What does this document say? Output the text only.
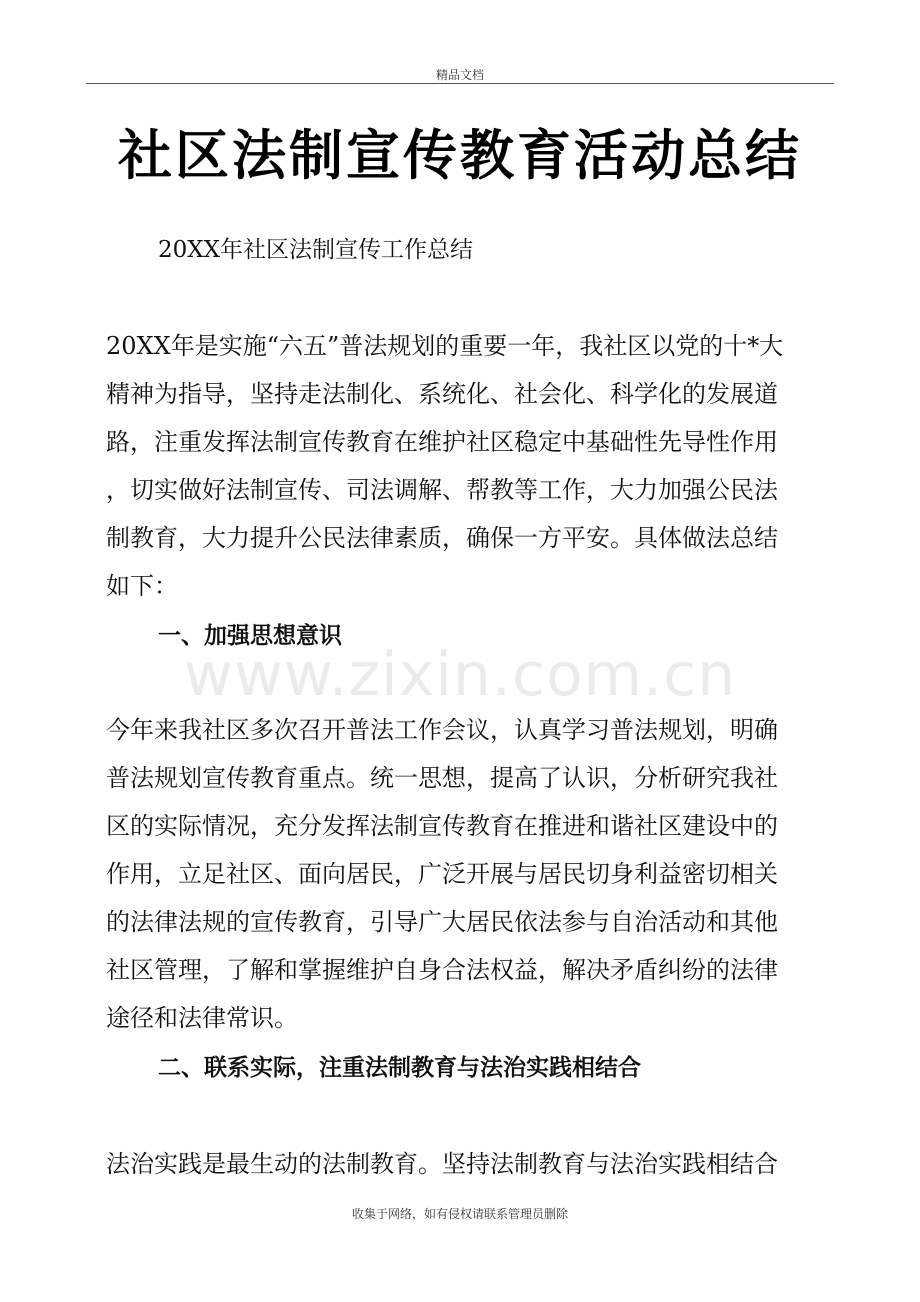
精品文档
社区法制宣传教育活动总结
20XX年社区法制宣传工作总结
20XX年是实施“六五”普法规划的重要一年，我社区以党的十*大
精神为指导，坚持走法制化、系统化、社会化、科学化的发展道
路，注重发挥法制宣传教育在维护社区稳定中基础性先导性作用
，切实做好法制宣传、司法调解、帮教等工作，大力加强公民法
制教育，大力提升公民法律素质，确保一方平安。具体做法总结
如下：
一、加强思想意识
www.zixin.com.cn
今年来我社区多次召开普法工作会议，认真学习普法规划，明确
普法规划宣传教育重点。统一思想，提高了认识，分析研究我社
区的实际情况，充分发挥法制宣传教育在推进和谐社区建设中的
作用，立足社区、面向居民，广泛开展与居民切身利益密切相关
的法律法规的宣传教育，引导广大居民依法参与自治活动和其他
社区管理，了解和掌握维护自身合法权益，解决矛盾纠纷的法律
途径和法律常识。
二、联系实际，注重法制教育与法治实践相结合
法治实践是最生动的法制教育。坚持法制教育与法治实践相结合
收集于网络，如有侵权请联系管理员删除
